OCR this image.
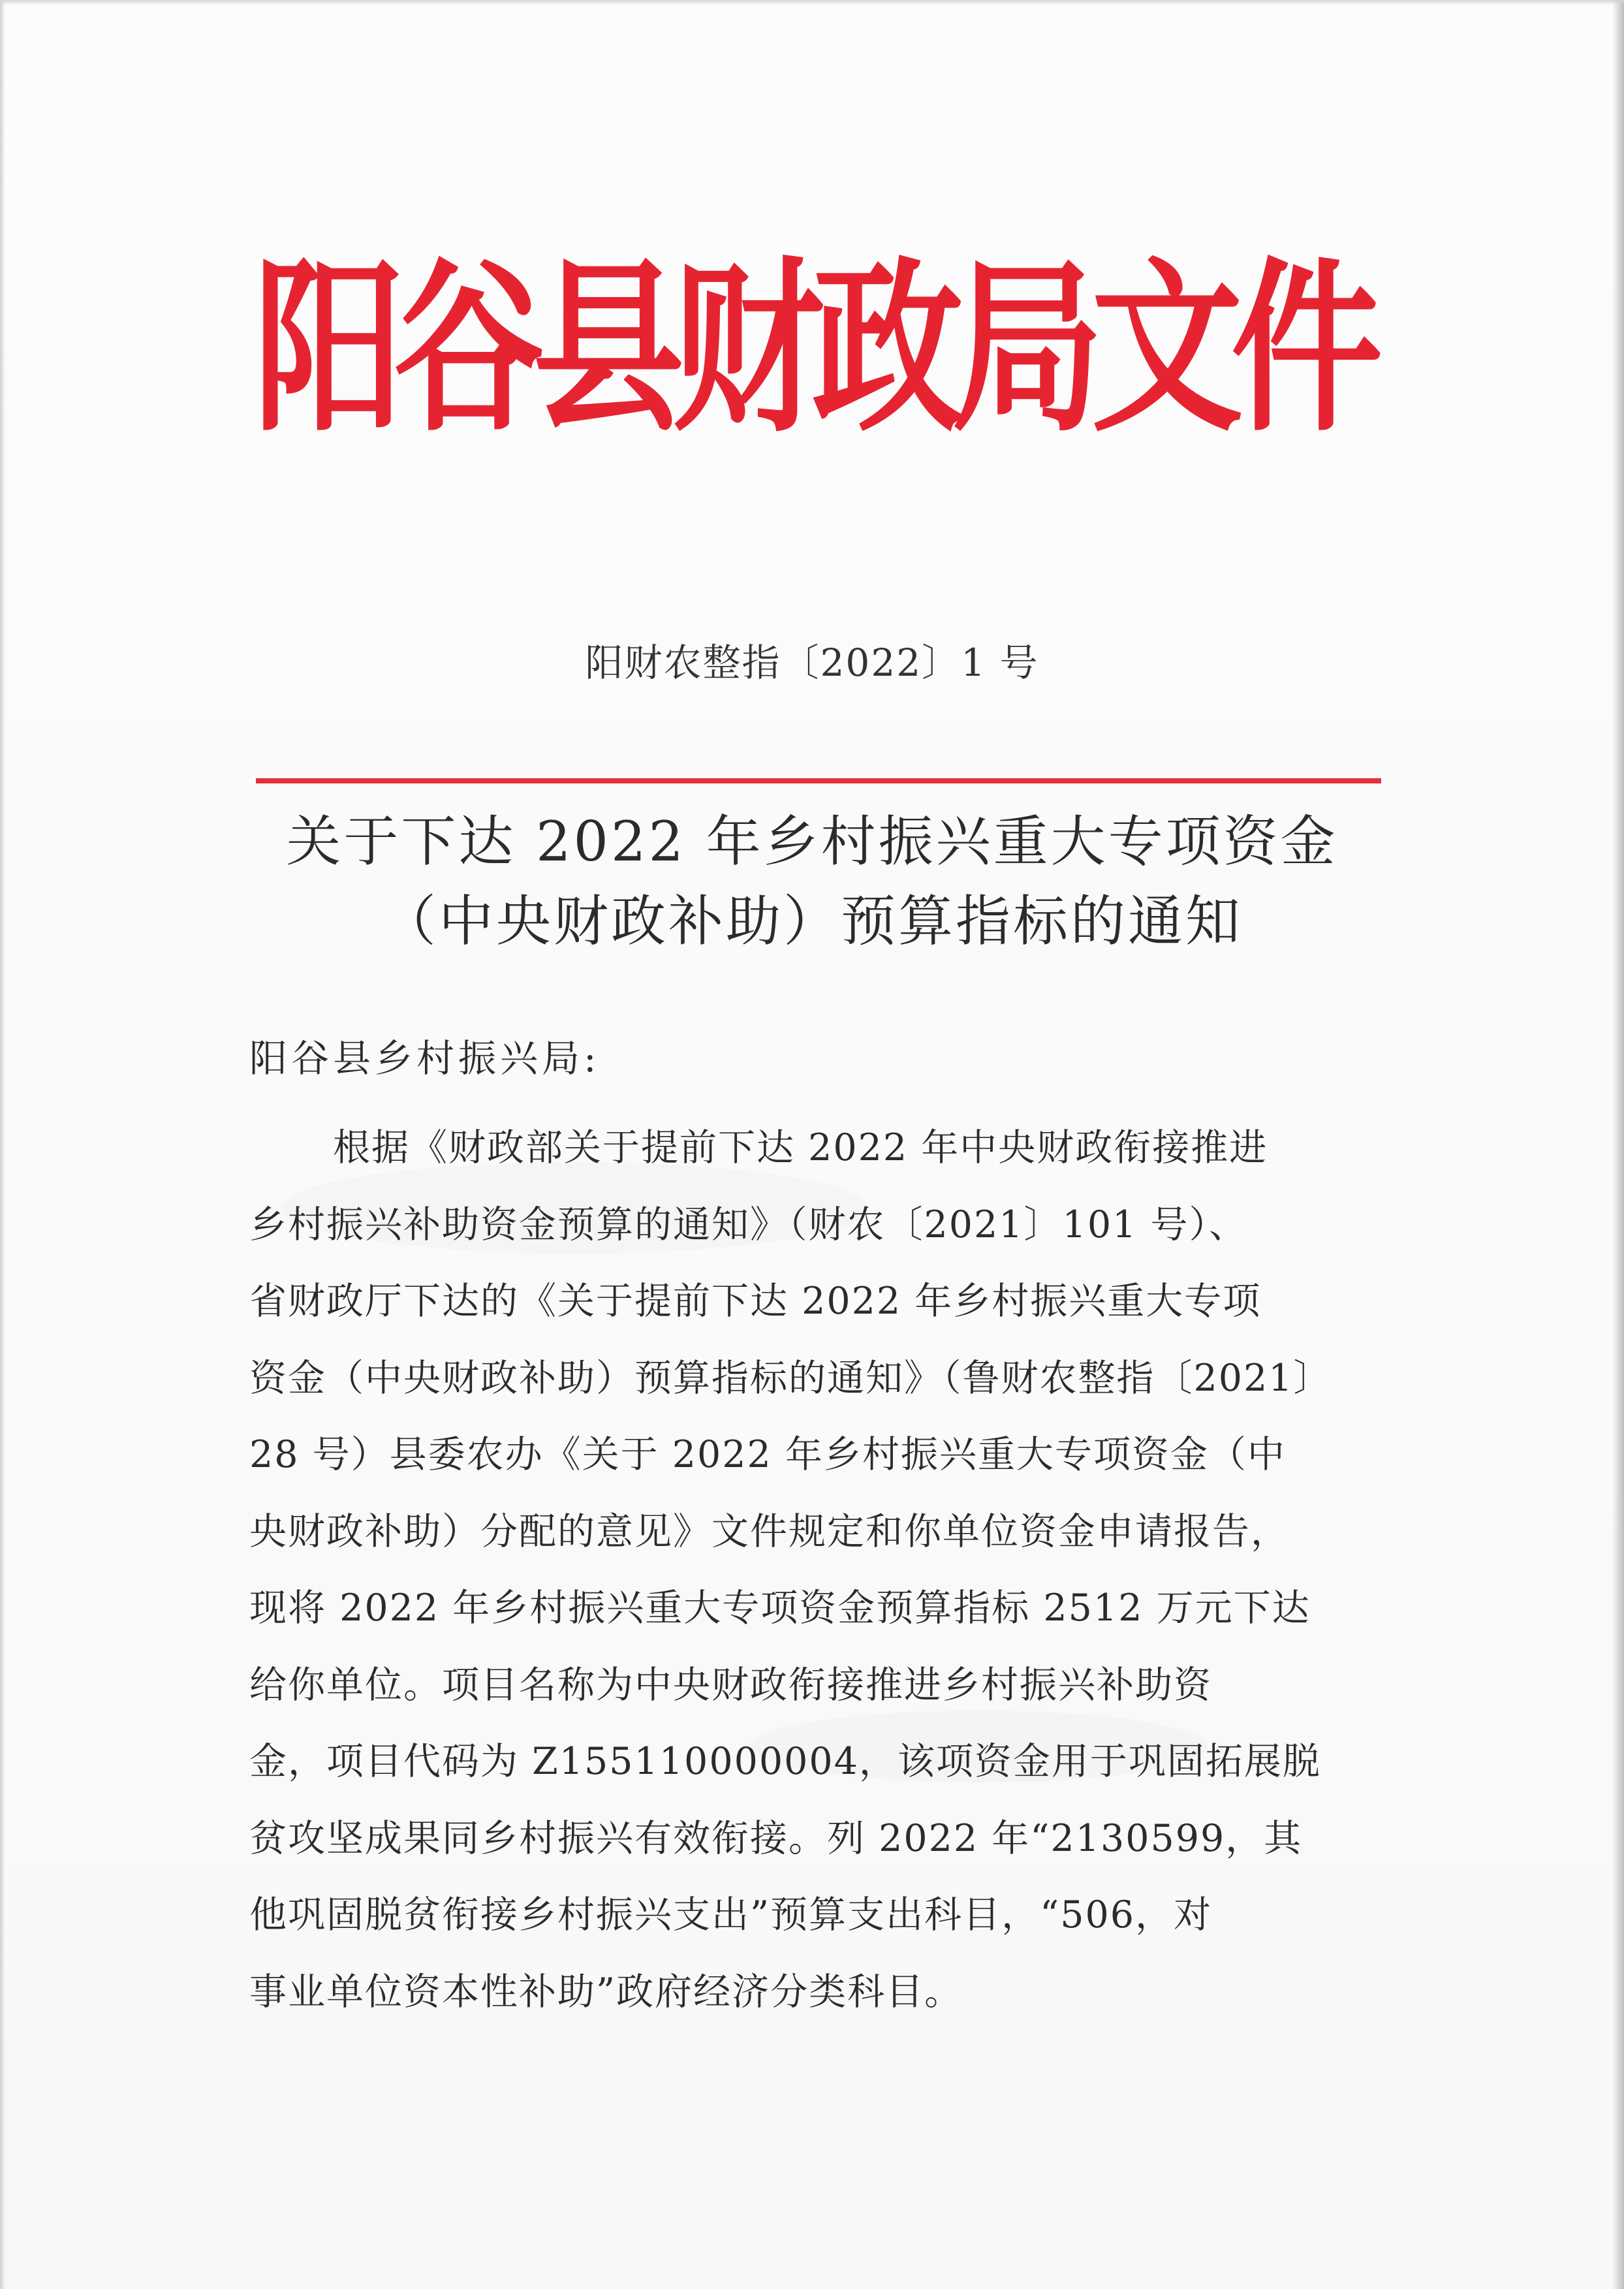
阳谷县财政局文件
阳财农整指〔2022〕1 号
关于下达 2022 年乡村振兴重大专项资金
（中央财政补助）预算指标的通知
阳谷县乡村振兴局:
根据《财政部关于提前下达 2022 年中央财政衔接推进
乡村振兴补助资金预算的通知》（财农〔2021〕101 号）、
省财政厅下达的《关于提前下达 2022 年乡村振兴重大专项
资金（中央财政补助）预算指标的通知》（鲁财农整指〔2021〕
28 号）县委农办《关于 2022 年乡村振兴重大专项资金（中
央财政补助）分配的意见》文件规定和你单位资金申请报告，
现将 2022 年乡村振兴重大专项资金预算指标 2512 万元下达
给你单位。项目名称为中央财政衔接推进乡村振兴补助资
金，项目代码为 Z155110000004，该项资金用于巩固拓展脱
贫攻坚成果同乡村振兴有效衔接。列 2022 年“2130599，其
他巩固脱贫衔接乡村振兴支出”预算支出科目，“506，对
事业单位资本性补助”政府经济分类科目。
